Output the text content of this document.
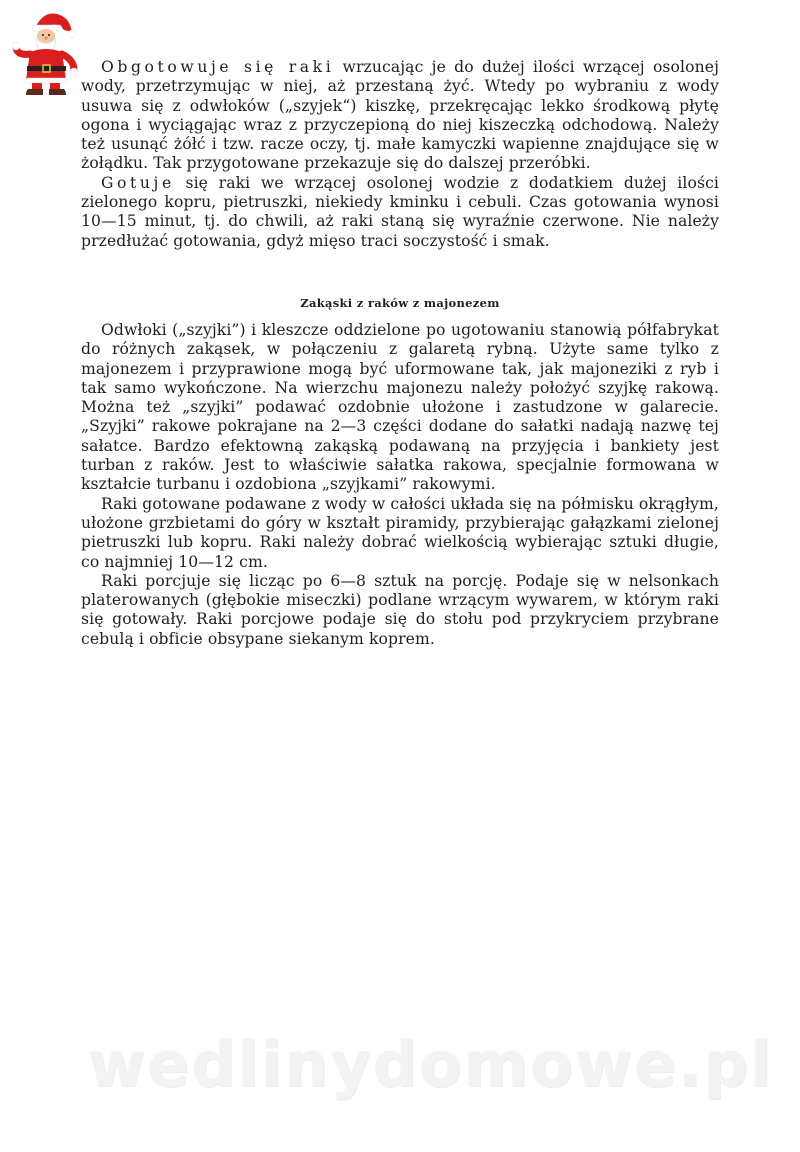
Obgotowuje się raki wrzucając je do dużej ilości wrzącej osolonej wody, przetrzymując w niej, aż przestaną żyć. Wtedy po wybraniu z wody usuwa się z odwłoków („szyjek“) kiszkę, przekręcając lekko środkową płytę ogona i wyciągając wraz z przyczepioną do niej kiszeczką odchodową. Należy też usunąć żółć i tzw. racze oczy, tj. małe kamyczki wapienne znajdujące się w żołądku. Tak przygotowane przekazuje się do dalszej przeróbki.

Gotuje się raki we wrzącej osolonej wodzie z dodatkiem dużej ilości zielonego kopru, pietruszki, niekiedy kminku i cebuli. Czas gotowania wynosi 10—15 minut, tj. do chwili, aż raki staną się wyraźnie czerwone. Nie należy przedłużać gotowania, gdyż mięso traci soczystość i smak.

Zakąski z raków z majonezem

Odwłoki („szyjki”) i kleszcze oddzielone po ugotowaniu stanowią półfabrykat do różnych zakąsek, w połączeniu z galaretą rybną. Użyte same tylko z majonezem i przyprawione mogą być uformowane tak, jak majoneziki z ryb i tak samo wykończone. Na wierzchu majonezu należy położyć szyjkę rakową. Można też „szyjki” podawać ozdobnie ułożone i zastudzone w galarecie. „Szyjki” rakowe pokrajane na 2—3 części dodane do sałatki nadają nazwę tej sałatce. Bardzo efektowną zakąską podawaną na przyjęcia i bankiety jest turban z raków. Jest to właściwie sałatka rakowa, specjalnie formowana w kształcie turbanu i ozdobiona „szyjkami” rakowymi.

Raki gotowane podawane z wody w całości układa się na półmisku okrągłym, ułożone grzbietami do góry w kształt piramidy, przybierając gałązkami zielonej pietruszki lub kopru. Raki należy dobrać wielkością wybierając sztuki długie, co najmniej 10—12 cm.

Raki porcjuje się licząc po 6—8 sztuk na porcję. Podaje się w nelsonkach platerowanych (głębokie miseczki) podlane wrzącym wywarem, w którym raki się gotowały. Raki porcjowe podaje się do stołu pod przykryciem przybrane cebulą i obficie obsypane siekanym koprem.

wedlinydomowe.pl
